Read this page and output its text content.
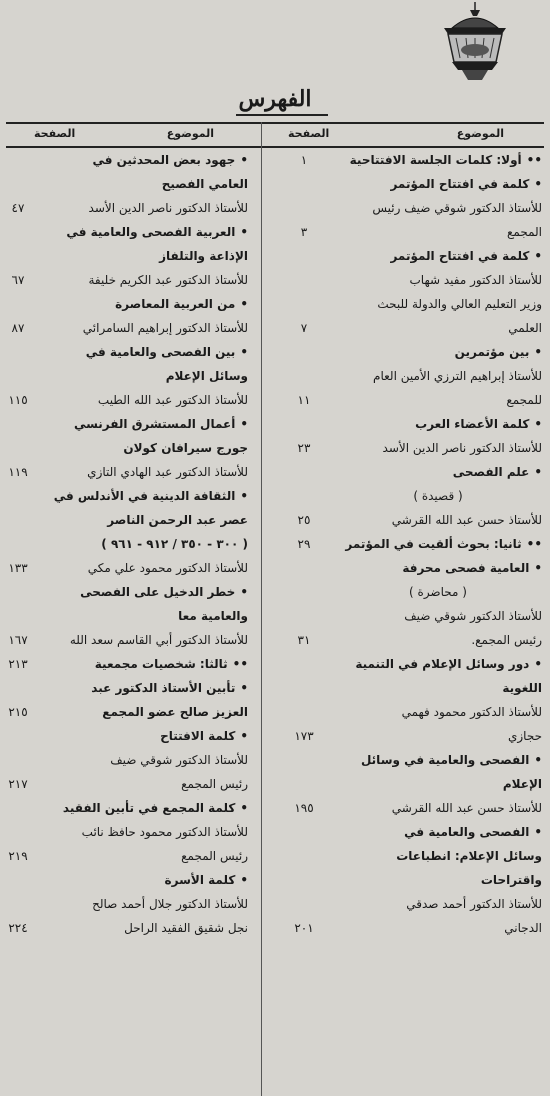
الفهرس
الموضوع
الصفحة
الموضوع
الصفحة
١	•• أولا: كلمات الجلسة الافتتاحية
• كلمة في افتتاح المؤتمر
للأستاذ الدكتور شوقي ضيف رئيس
٣	المجمع
• كلمة في افتتاح المؤتمر
للأستاذ الدكتور مفيد شهاب
وزير التعليم العالي والدولة للبحث
٧	العلمي
• بين مؤتمرين
للأستاذ إبراهيم الترزي الأمين العام
١١	للمجمع
• كلمة الأعضاء العرب
٢٣	للأستاذ الدكتور ناصر الدين الأسد
• علم الفصحى
( قصيدة )
٢٥	للأستاذ حسن عبد الله القرشي
٢٩	•• ثانيا: بحوث ألقيت في المؤتمر
• العامية فصحى محرفة
( محاضرة )
للأستاذ الدكتور شوقي ضيف
٣١	رئيس المجمع.
• دور وسائل الإعلام في التنمية
اللغوية
للأستاذ الدكتور محمود فهمي
١٧٣	حجازي
• الفصحى والعامية في وسائل
الإعلام
١٩٥	للأستاذ حسن عبد الله القرشي
• الفصحى والعامية في
وسائل الإعلام: انطباعات
واقتراحات
للأستاذ الدكتور أحمد صدقي
٢٠١	الدجاني
• جهود بعض المحدثين في
العامي الفصيح
٤٧	للأستاذ الدكتور ناصر الدين الأسد
• العربية الفصحى والعامية في
الإذاعة والتلفاز
٦٧	للأستاذ الدكتور عبد الكريم خليفة
• من العربية المعاصرة
٨٧	للأستاذ الدكتور إبراهيم السامرائي
• بين الفصحى والعامية في
وسائل الإعلام
١١٥	للأستاذ الدكتور عبد الله الطيب
• أعمال المستشرق الفرنسي
جورج سيرافان كولان
١١٩	للأستاذ الدكتور عبد الهادي التازي
• الثقافة الدينية في الأندلس في
عصر عبد الرحمن الناصر
( ٣٠٠ - ٣٥٠ / ٩١٢ - ٩٦١ )
١٣٣	للأستاذ الدكتور محمود علي مكي
• خطر الدخيل على الفصحى
والعامية معا
١٦٧	للأستاذ الدكتور أبي القاسم سعد الله
٢١٣	•• ثالثا: شخصيات مجمعية
• تأبين الأستاذ الدكتور عبد
٢١٥	العزيز صالح عضو المجمع
• كلمة الافتتاح
للأستاذ الدكتور شوقي ضيف
٢١٧	رئيس المجمع
• كلمة المجمع في تأبين الفقيد
للأستاذ الدكتور محمود حافظ نائب
٢١٩	رئيس المجمع
• كلمة الأسرة
للأستاذ الدكتور جلال أحمد صالح
٢٢٤	نجل شقيق الفقيد الراحل
